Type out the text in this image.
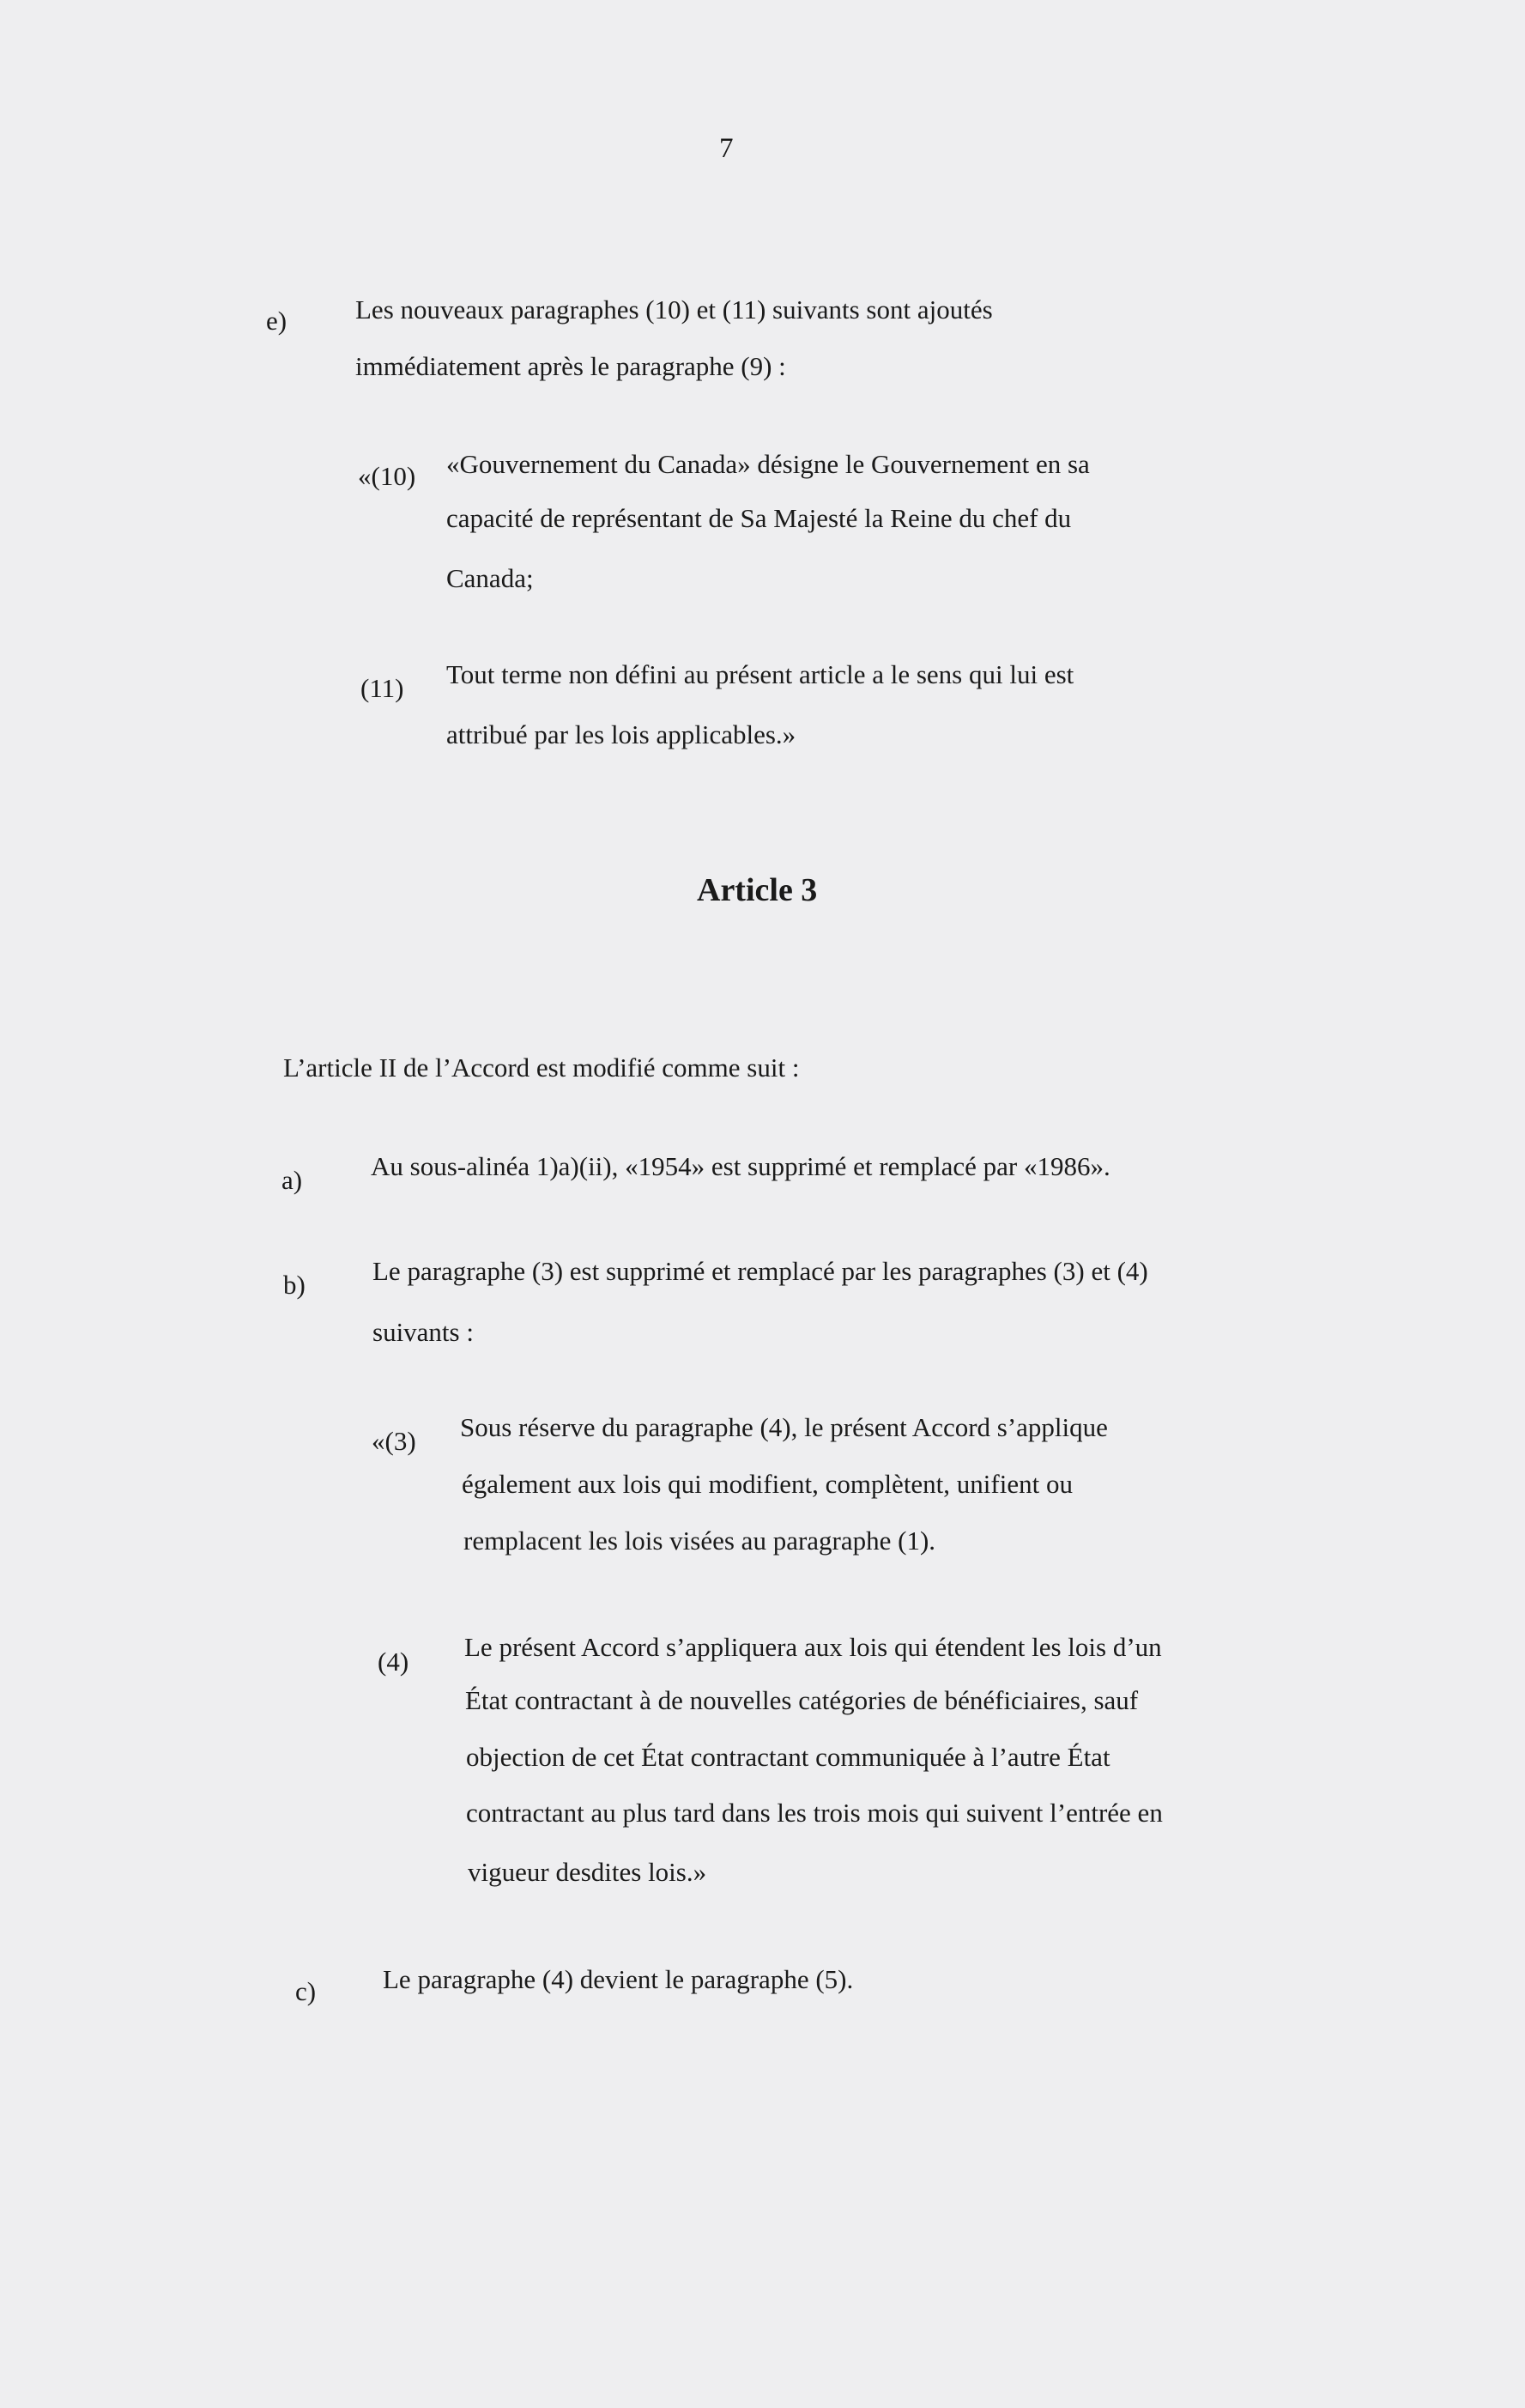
7
e)	Les nouveaux paragraphes (10) et (11) suivants sont ajoutés
immédiatement après le paragraphe (9) :
«(10) «Gouvernement du Canada» désigne le Gouvernement en sa
capacité de représentant de Sa Majesté la Reine du chef du
Canada;
(11) Tout terme non défini au présent article a le sens qui lui est
attribué par les lois applicables.»
Article 3
L’article II de l’Accord est modifié comme suit :
a)	Au sous-alinéa 1)a)(ii), «1954» est supprimé et remplacé par «1986».
b)	Le paragraphe (3) est supprimé et remplacé par les paragraphes (3) et (4)
suivants :
«(3) Sous réserve du paragraphe (4), le présent Accord s’applique
également aux lois qui modifient, complètent, unifient ou
remplacent les lois visées au paragraphe (1).
(4) Le présent Accord s’appliquera aux lois qui étendent les lois d’un
État contractant à de nouvelles catégories de bénéficiaires, sauf
objection de cet État contractant communiquée à l’autre État
contractant au plus tard dans les trois mois qui suivent l’entrée en
vigueur desdites lois.»
c)	Le paragraphe (4) devient le paragraphe (5).
